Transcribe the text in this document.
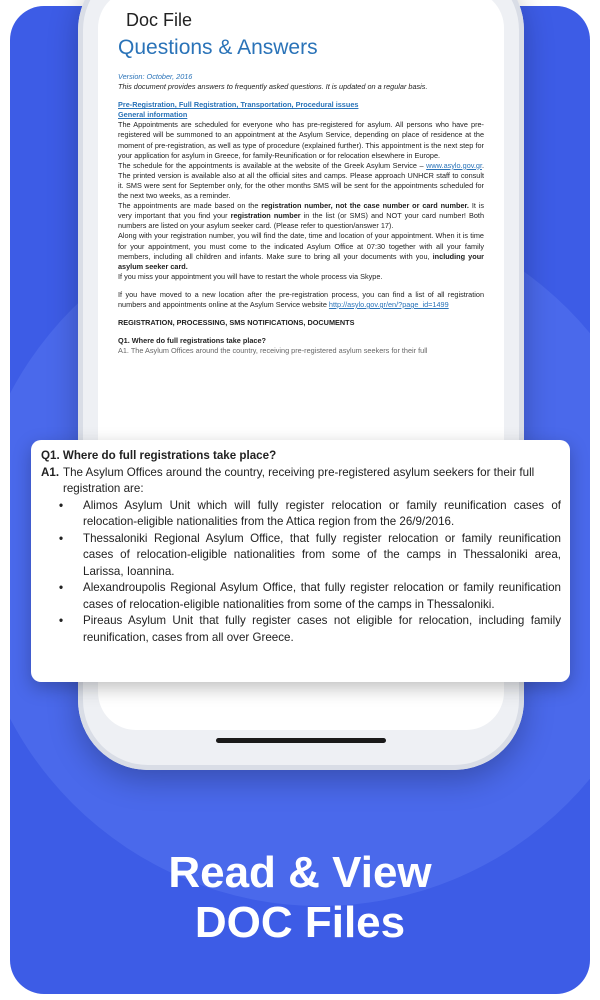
Doc File
Questions & Answers

Version: October, 2016

This document provides answers to frequently asked questions. It is updated on a regular basis.

Pre-Registration, Full Registration, Transportation, Procedural issues

General information

The Appointments are scheduled for everyone who has pre-registered for asylum. All persons who have pre-registered will be summoned to an appointment at the Asylum Service, depending on place of residence at the moment of pre-registration, as well as type of procedure (explained further). This appointment is the next step for your application for asylum in Greece, for family-Reunification or for relocation elsewhere in Europe.

The schedule for the appointments is available at the website of the Greek Asylum Service – www.asylo.gov.gr. The printed version is available also at all the official sites and camps. Please approach UNHCR staff to consult it. SMS were sent for September only, for the other months SMS will be sent for the appointments scheduled for the next two weeks, as a reminder.

The appointments are made based on the registration number, not the case number or card number. It is very important that you find your registration number in the list (or SMS) and NOT your card number! Both numbers are listed on your asylum seeker card. (Please refer to question/answer 17).

Along with your registration number, you will find the date, time and location of your appointment. When it is time for your appointment, you must come to the indicated Asylum Office at 07:30 together with all your family members, including all children and infants. Make sure to bring all your documents with you, including your asylum seeker card.

If you miss your appointment you will have to restart the whole process via Skype.

If you have moved to a new location after the pre-registration process, you can find a list of all registration numbers and appointments online at the Asylum Service website http://asylo.gov.gr/en/?page_id=1499

REGISTRATION, PROCESSING, SMS NOTIFICATIONS, DOCUMENTS

Q1. Where do full registrations take place?

A1. The Asylum Offices around the country, receiving pre-registered asylum seekers for their full

Q1. Where do full registrations take place?
A1. The Asylum Offices around the country, receiving pre-registered asylum seekers for their full registration are:
• Alimos Asylum Unit which will fully register relocation or family reunification cases of relocation-eligible nationalities from the Attica region from the 26/9/2016.
• Thessaloniki Regional Asylum Office, that fully register relocation or family reunification cases of relocation-eligible nationalities from some of the camps in Thessaloniki area, Larissa, Ioannina.
• Alexandroupolis Regional Asylum Office, that fully register relocation or family reunification cases of relocation-eligible nationalities from some of the camps in Thessaloniki.
• Pireaus Asylum Unit that fully register cases not eligible for relocation, including family reunification, cases from all over Greece.
Read & View
DOC Files
